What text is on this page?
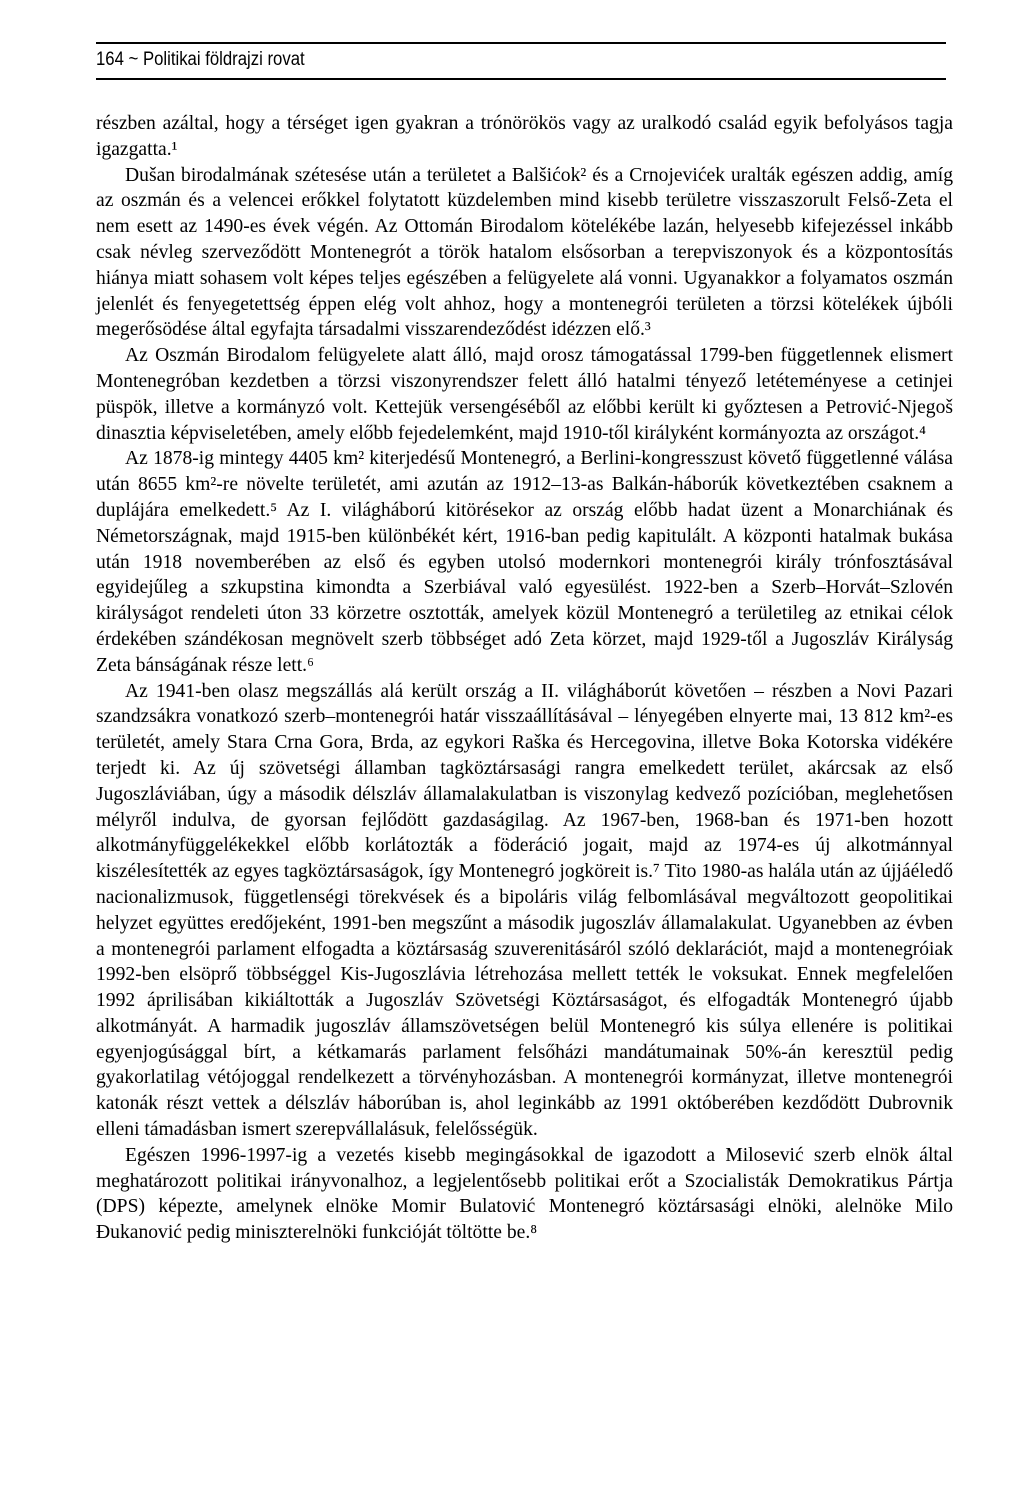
164 ~ Politikai földrajzi rovat

részben azáltal, hogy a térséget igen gyakran a trónörökös vagy az uralkodó család egyik befolyásos tagja igazgatta.¹

Dušan birodalmának szétesése után a területet a Balšićok² és a Crnojevićek uralták egészen addig, amíg az oszmán és a velencei erőkkel folytatott küzdelemben mind kisebb területre visszaszorult Felső-Zeta el nem esett az 1490-es évek végén. Az Ottomán Birodalom kötelékébe lazán, helyesebb kifejezéssel inkább csak névleg szerveződött Montenegrót a török hatalom elsősorban a terepviszonyok és a központosítás hiánya miatt sohasem volt képes teljes egészében a felügyelete alá vonni. Ugyanakkor a folyamatos oszmán jelenlét és fenyegetettség éppen elég volt ahhoz, hogy a montenegrói területen a törzsi kötelékek újbóli megerősödése által egyfajta társadalmi visszarendeződést idézzen elő.³

Az Oszmán Birodalom felügyelete alatt álló, majd orosz támogatással 1799-ben függetlennek elismert Montenegróban kezdetben a törzsi viszonyrendszer felett álló hatalmi tényező letéteményese a cetinjei püspök, illetve a kormányzó volt. Kettejük versengéséből az előbbi került ki győztesen a Petrović-Njegoš dinasztia képviseletében, amely előbb fejedelemként, majd 1910-től királyként kormányozta az országot.⁴

Az 1878-ig mintegy 4405 km² kiterjedésű Montenegró, a Berlini-kongresszust követő függetlenné válása után 8655 km²-re növelte területét, ami azután az 1912–13-as Balkán-háborúk következtében csaknem a duplájára emelkedett.⁵ Az I. világháború kitörésekor az ország előbb hadat üzent a Monarchiának és Németországnak, majd 1915-ben különbékét kért, 1916-ban pedig kapitulált. A központi hatalmak bukása után 1918 novemberében az első és egyben utolsó modernkori montenegrói király trónfosztásával egyidejűleg a szkupstina kimondta a Szerbiával való egyesülést. 1922-ben a Szerb–Horvát–Szlovén királyságot rendeleti úton 33 körzetre osztották, amelyek közül Montenegró a területileg az etnikai célok érdekében szándékosan megnövelt szerb többséget adó Zeta körzet, majd 1929-től a Jugoszláv Királyság Zeta bánságának része lett.⁶

Az 1941-ben olasz megszállás alá került ország a II. világháborút követően – részben a Novi Pazari szandzsákra vonatkozó szerb–montenegrói határ visszaállításával – lényegében elnyerte mai, 13 812 km²-es területét, amely Stara Crna Gora, Brda, az egykori Raška és Hercegovina, illetve Boka Kotorska vidékére terjedt ki. Az új szövetségi államban tagköztársasági rangra emelkedett terület, akárcsak az első Jugoszláviában, úgy a második délszláv államalakulatban is viszonylag kedvező pozícióban, meglehetősen mélyről indulva, de gyorsan fejlődött gazdaságilag. Az 1967-ben, 1968-ban és 1971-ben hozott alkotmányfüggelékekkel előbb korlátozták a föderáció jogait, majd az 1974-es új alkotmánnyal kiszélesítették az egyes tagköztársaságok, így Montenegró jogköreit is.⁷ Tito 1980-as halála után az újjáéledő nacionalizmusok, függetlenségi törekvések és a bipoláris világ felbomlásával megváltozott geopolitikai helyzet együttes eredőjeként, 1991-ben megszűnt a második jugoszláv államalakulat. Ugyanebben az évben a montenegrói parlament elfogadta a köztársaság szuverenitásáról szóló deklarációt, majd a montenegróiak 1992-ben elsöprő többséggel Kis-Jugoszlávia létrehozása mellett tették le voksukat. Ennek megfelelően 1992 áprilisában kikiáltották a Jugoszláv Szövetségi Köztársaságot, és elfogadták Montenegró újabb alkotmányát. A harmadik jugoszláv államszövetségen belül Montenegró kis súlya ellenére is politikai egyenjogúsággal bírt, a kétkamarás parlament felsőházi mandátumainak 50%-án keresztül pedig gyakorlatilag vétójoggal rendelkezett a törvényhozásban. A montenegrói kormányzat, illetve montenegrói katonák részt vettek a délszláv háborúban is, ahol leginkább az 1991 októberében kezdődött Dubrovnik elleni támadásban ismert szerepvállalásuk, felelősségük.

Egészen 1996-1997-ig a vezetés kisebb megingásokkal de igazodott a Milosević szerb elnök által meghatározott politikai irányvonalhoz, a legjelentősebb politikai erőt a Szocialisták Demokratikus Pártja (DPS) képezte, amelynek elnöke Momir Bulatović Montenegró köztársasági elnöki, alelnöke Milo Đukanović pedig miniszterelnöki funkcióját töltötte be.⁸
